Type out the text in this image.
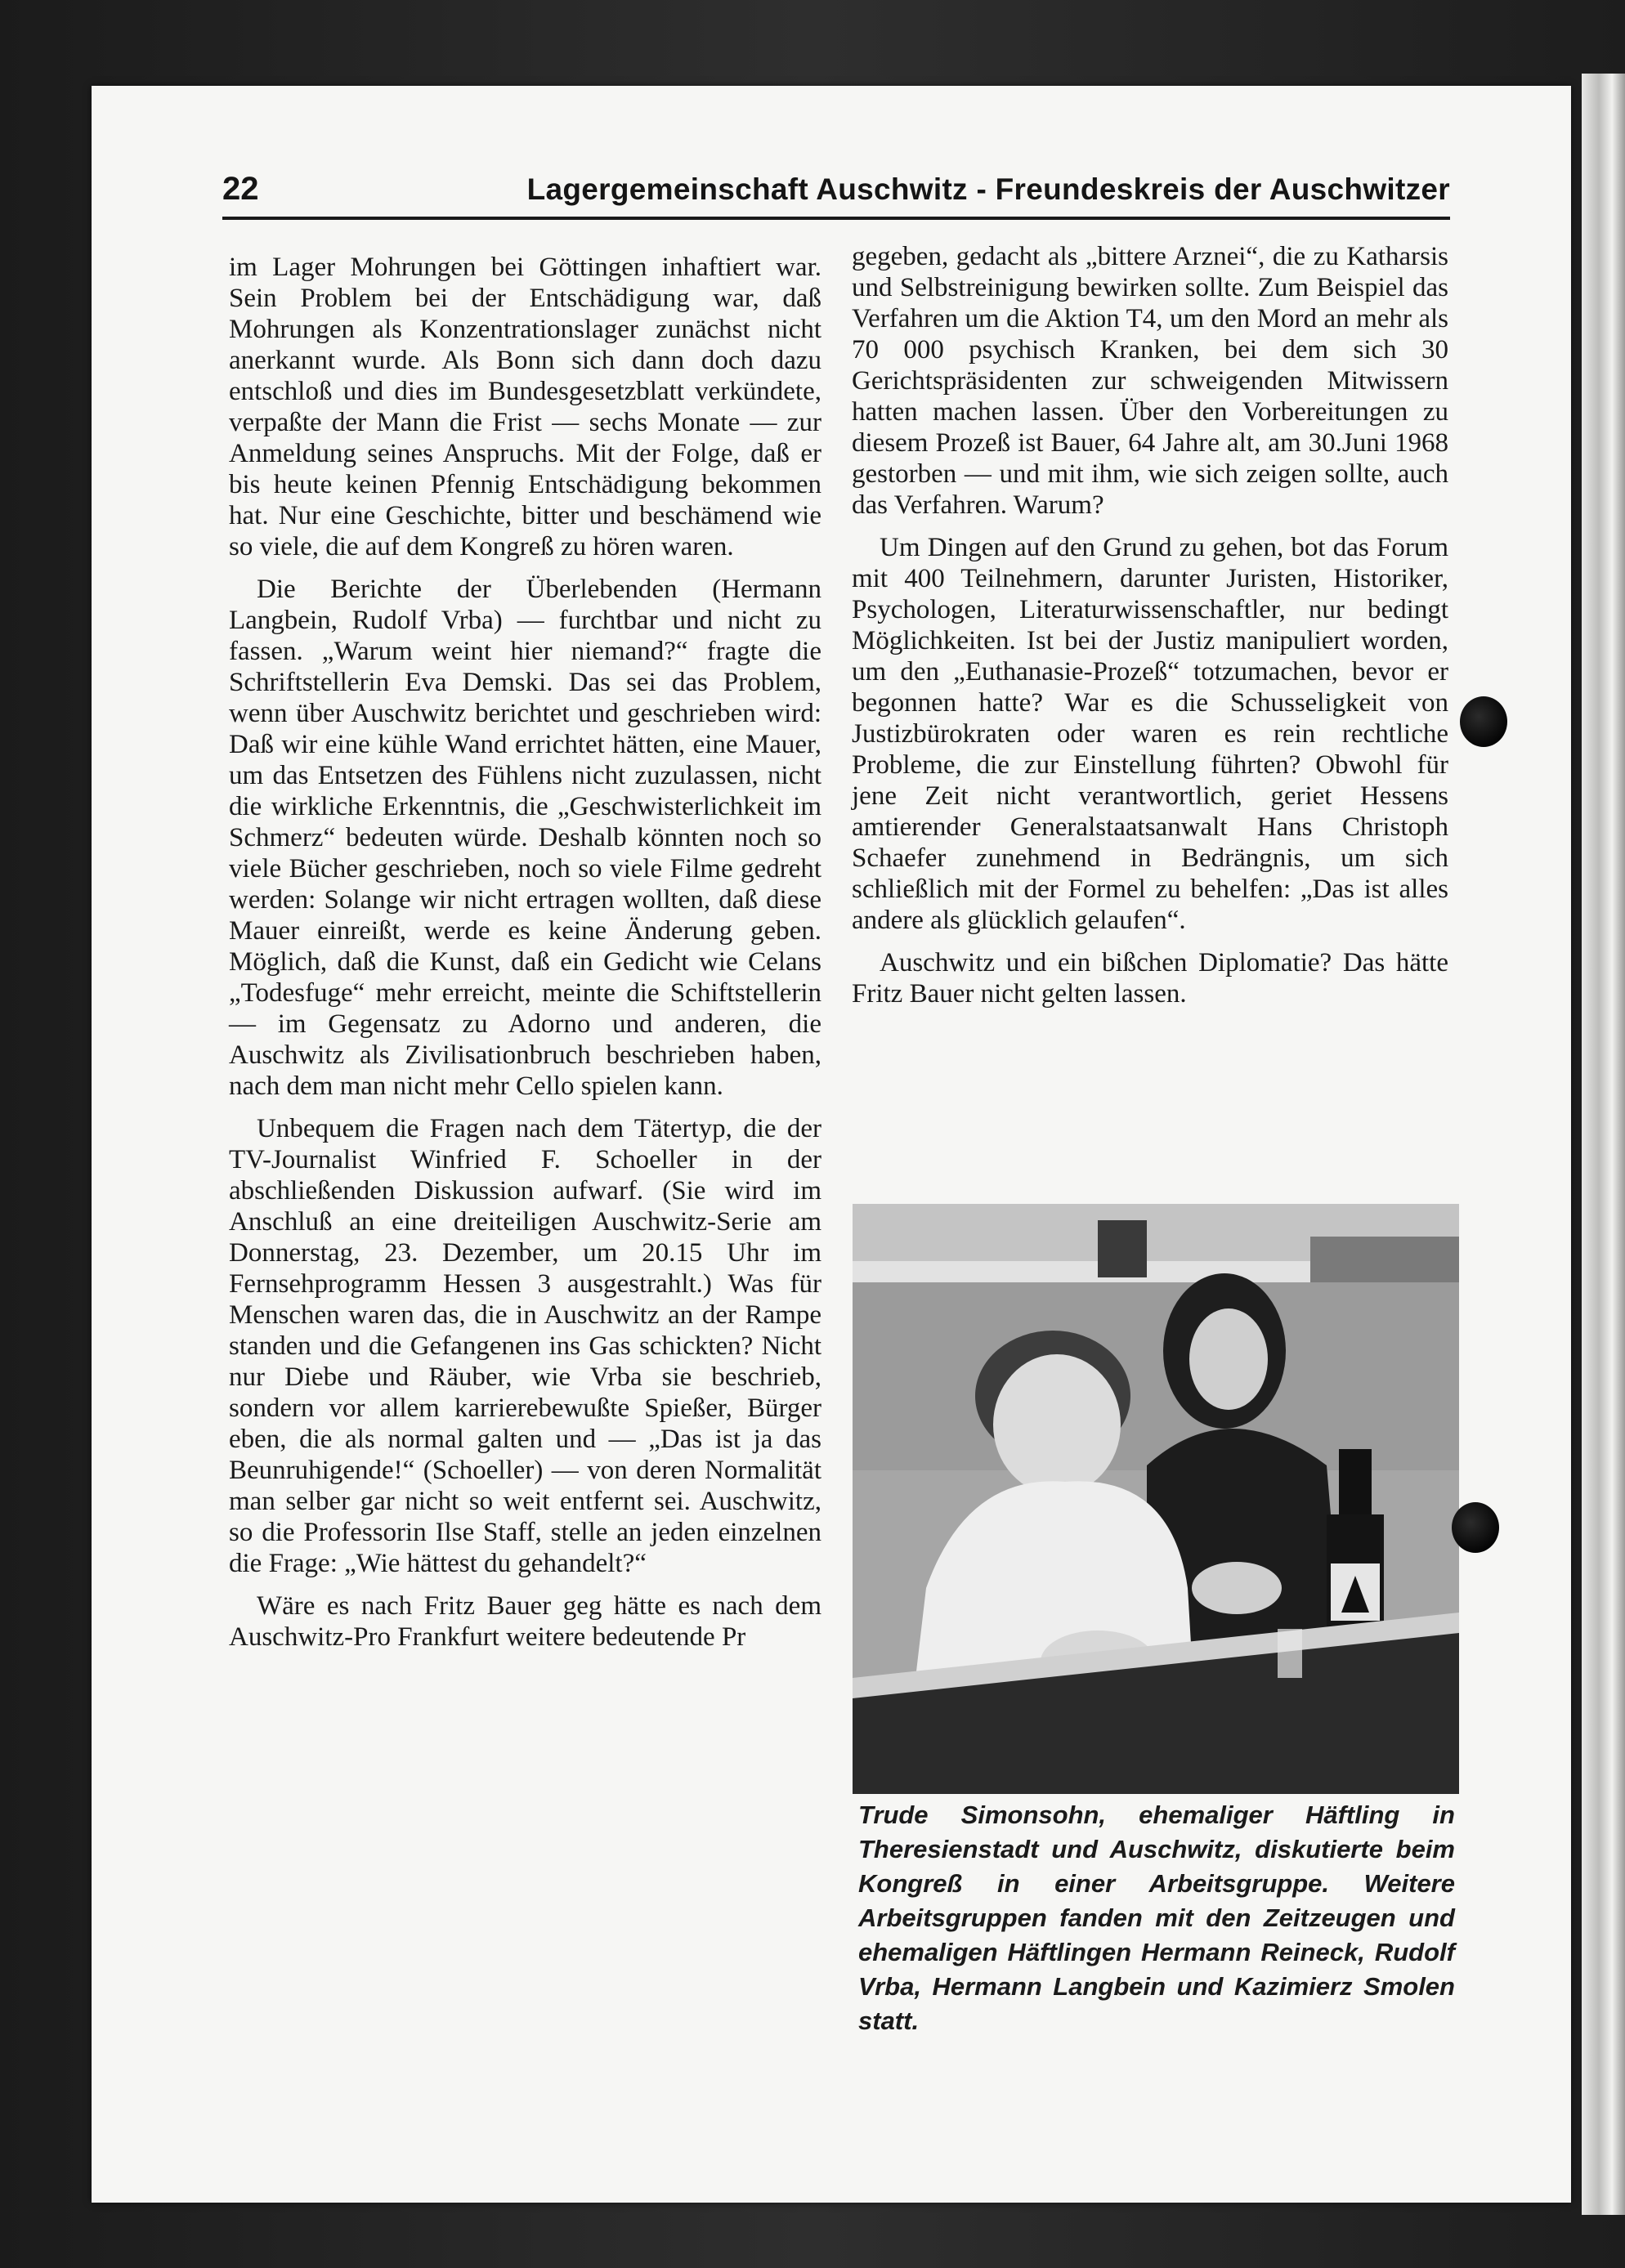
22	Lagergemeinschaft Auschwitz - Freundeskreis der Auschwitzer

im Lager Mohrungen bei Göttingen inhaftiert war. Sein Problem bei der Entschädigung war, daß Mohrungen als Konzentrationslager zunächst nicht anerkannt wurde. Als Bonn sich dann doch dazu entschloß und dies im Bundesgesetzblatt verkündete, verpaßte der Mann die Frist — sechs Monate — zur Anmeldung seines Anspruchs. Mit der Folge, daß er bis heute keinen Pfennig Entschädigung bekommen hat. Nur eine Geschichte, bitter und beschämend wie so viele, die auf dem Kongreß zu hören waren.

Die Berichte der Überlebenden (Hermann Langbein, Rudolf Vrba) — furchtbar und nicht zu fassen. „Warum weint hier niemand?“ fragte die Schriftstellerin Eva Demski. Das sei das Problem, wenn über Auschwitz berichtet und geschrieben wird: Daß wir eine kühle Wand errichtet hätten, eine Mauer, um das Entsetzen des Fühlens nicht zuzulassen, nicht die wirkliche Erkenntnis, die „Geschwisterlichkeit im Schmerz“ bedeuten würde. Deshalb könnten noch so viele Bücher geschrieben, noch so viele Filme gedreht werden: Solange wir nicht ertragen wollten, daß diese Mauer einreißt, werde es keine Änderung geben. Möglich, daß die Kunst, daß ein Gedicht wie Celans „Todesfuge“ mehr erreicht, meinte die Schiftstellerin — im Gegensatz zu Adorno und anderen, die Auschwitz als Zivilisationbruch beschrieben haben, nach dem man nicht mehr Cello spielen kann.

Unbequem die Fragen nach dem Tätertyp, die der TV-Journalist Winfried F. Schoeller in der abschließenden Diskussion aufwarf. (Sie wird im Anschluß an eine dreiteiligen Auschwitz-Serie am Donnerstag, 23. Dezember, um 20.15 Uhr im Fernsehprogramm Hessen 3 ausgestrahlt.) Was für Menschen waren das, die in Auschwitz an der Rampe standen und die Gefangenen ins Gas schickten? Nicht nur Diebe und Räuber, wie Vrba sie beschrieb, sondern vor allem karrierebewußte Spießer, Bürger eben, die als normal galten und — „Das ist ja das Beunruhigende!“ (Schoeller) — von deren Normalität man selber gar nicht so weit entfernt sei. Auschwitz, so die Professorin Ilse Staff, stelle an jeden einzelnen die Frage: „Wie hättest du gehandelt?“

Wäre es nach Fritz Bauer geg hätte es nach dem Auschwitz-Pro Frankfurt weitere bedeutende Pr

gegeben, gedacht als „bittere Arznei“, die zu Katharsis und Selbstreinigung bewirken sollte. Zum Beispiel das Verfahren um die Aktion T4, um den Mord an mehr als 70 000 psychisch Kranken, bei dem sich 30 Gerichtspräsidenten zur schweigenden Mitwissern hatten machen lassen. Über den Vorbereitungen zu diesem Prozeß ist Bauer, 64 Jahre alt, am 30.Juni 1968 gestorben — und mit ihm, wie sich zeigen sollte, auch das Verfahren. Warum?

Um Dingen auf den Grund zu gehen, bot das Forum mit 400 Teilnehmern, darunter Juristen, Historiker, Psychologen, Literaturwissenschaftler, nur bedingt Möglichkeiten. Ist bei der Justiz manipuliert worden, um den „Euthanasie-Prozeß“ totzumachen, bevor er begonnen hatte? War es die Schusseligkeit von Justizbürokraten oder waren es rein rechtliche Probleme, die zur Einstellung führten? Obwohl für jene Zeit nicht verantwortlich, geriet Hessens amtierender Generalstaatsanwalt Hans Christoph Schaefer zunehmend in Bedrängnis, um sich schließlich mit der Formel zu behelfen: „Das ist alles andere als glücklich gelaufen“.

Auschwitz und ein bißchen Diplomatie? Das hätte Fritz Bauer nicht gelten lassen.

Trude Simonsohn, ehemaliger Häftling in Theresienstadt und Auschwitz, diskutierte beim Kongreß in einer Arbeitsgruppe. Weitere Arbeitsgruppen fanden mit den Zeitzeugen und ehemaligen Häftlingen Hermann Reineck, Rudolf Vrba, Hermann Langbein und Kazimierz Smolen statt.
